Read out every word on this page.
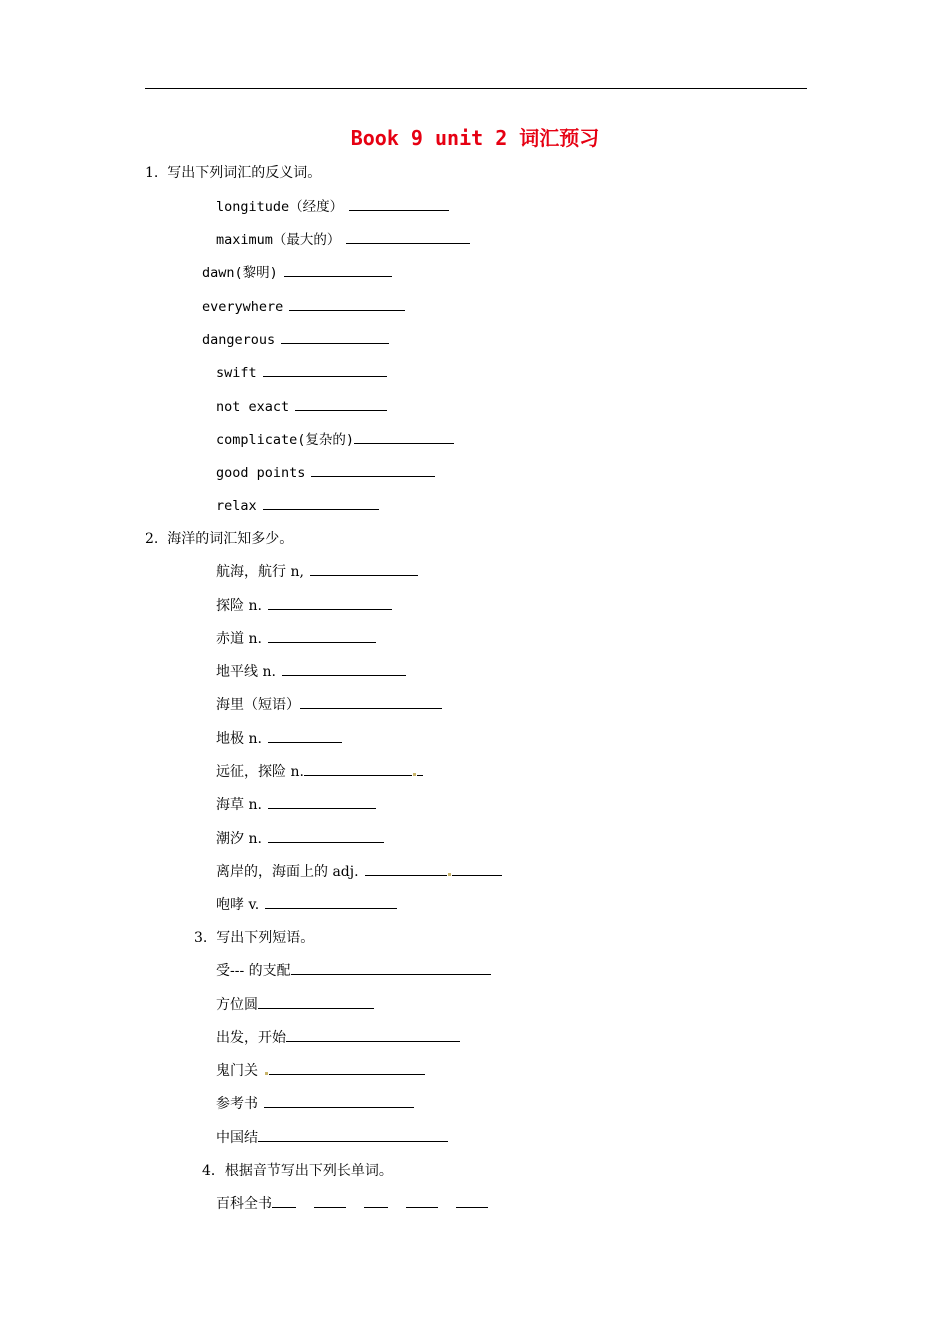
Book 9 unit 2 词汇预习
1.  写出下列词汇的反义词。
longitude（经度）
maximum（最大的）
dawn(黎明)
everywhere
dangerous
swift
not exact
complicate(复杂的)
good points
relax
2.  海洋的词汇知多少。
航海，航行 n,
探险 n.
赤道 n.
地平线 n.
海里（短语）
地极 n.
远征，探险 n.
海草 n.
潮汐 n.
离岸的，海面上的 adj.
咆哮 v.
3.  写出下列短语。
受--- 的支配
方位圆
出发，开始
鬼门关
参考书
中国结
4．根据音节写出下列长单词。
百科全书
